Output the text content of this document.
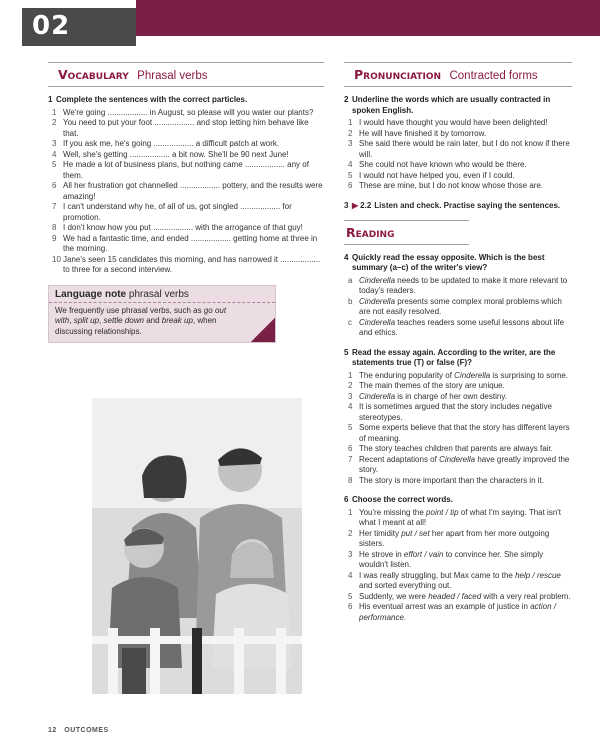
02
Vocabulary Phrasal verbs
1 Complete the sentences with the correct particles.
1 We're going .................. in August, so please will you water our plants?
2 You need to put your foot .................. and stop letting him behave like that.
3 If you ask me, he's going .................. a difficult patch at work.
4 Well, she's getting .................. a bit now. She'll be 90 next June!
5 He made a lot of business plans, but nothing came .................. any of them.
6 All her frustration got channelled .................. pottery, and the results were amazing!
7 I can't understand why he, of all of us, got singled .................. for promotion.
8 I don't know how you put .................. with the arrogance of that guy!
9 We had a fantastic time, and ended .................. getting home at three in the morning.
10 Jane's seen 15 candidates this morning, and has narrowed it .................. to three for a second interview.
Language note phrasal verbs
We frequently use phrasal verbs, such as go out with, split up, settle down and break up, when discussing relationships.
12 OUTCOMES
Pronunciation Contracted forms
2 Underline the words which are usually contracted in spoken English.
1 I would have thought you would have been delighted!
2 He will have finished it by tomorrow.
3 She said there would be rain later, but I do not know if there will.
4 She could not have known who would be there.
5 I would not have helped you, even if I could.
6 These are mine, but I do not know whose those are.
3 ▶ 2.2 Listen and check. Practise saying the sentences.
Reading
4 Quickly read the essay opposite. Which is the best summary (a–c) of the writer's view?
a Cinderella needs to be updated to make it more relevant to today's readers.
b Cinderella presents some complex moral problems which are not easily resolved.
c Cinderella teaches readers some useful lessons about life and ethics.
5 Read the essay again. According to the writer, are the statements true (T) or false (F)?
1 The enduring popularity of Cinderella is surprising to some.
2 The main themes of the story are unique.
3 Cinderella is in charge of her own destiny.
4 It is sometimes argued that the story includes negative stereotypes.
5 Some experts believe that that the story has different layers of meaning.
6 The story teaches children that parents are always fair.
7 Recent adaptations of Cinderella have greatly improved the story.
8 The story is more important than the characters in it.
6 Choose the correct words.
1 You're missing the point / tip of what I'm saying. That isn't what I meant at all!
2 Her timidity put / set her apart from her more outgoing sisters.
3 He strove in effort / vain to convince her. She simply wouldn't listen.
4 I was really struggling, but Max came to the help / rescue and sorted everything out.
5 Suddenly, we were headed / faced with a very real problem.
6 His eventual arrest was an example of justice in action / performance.
